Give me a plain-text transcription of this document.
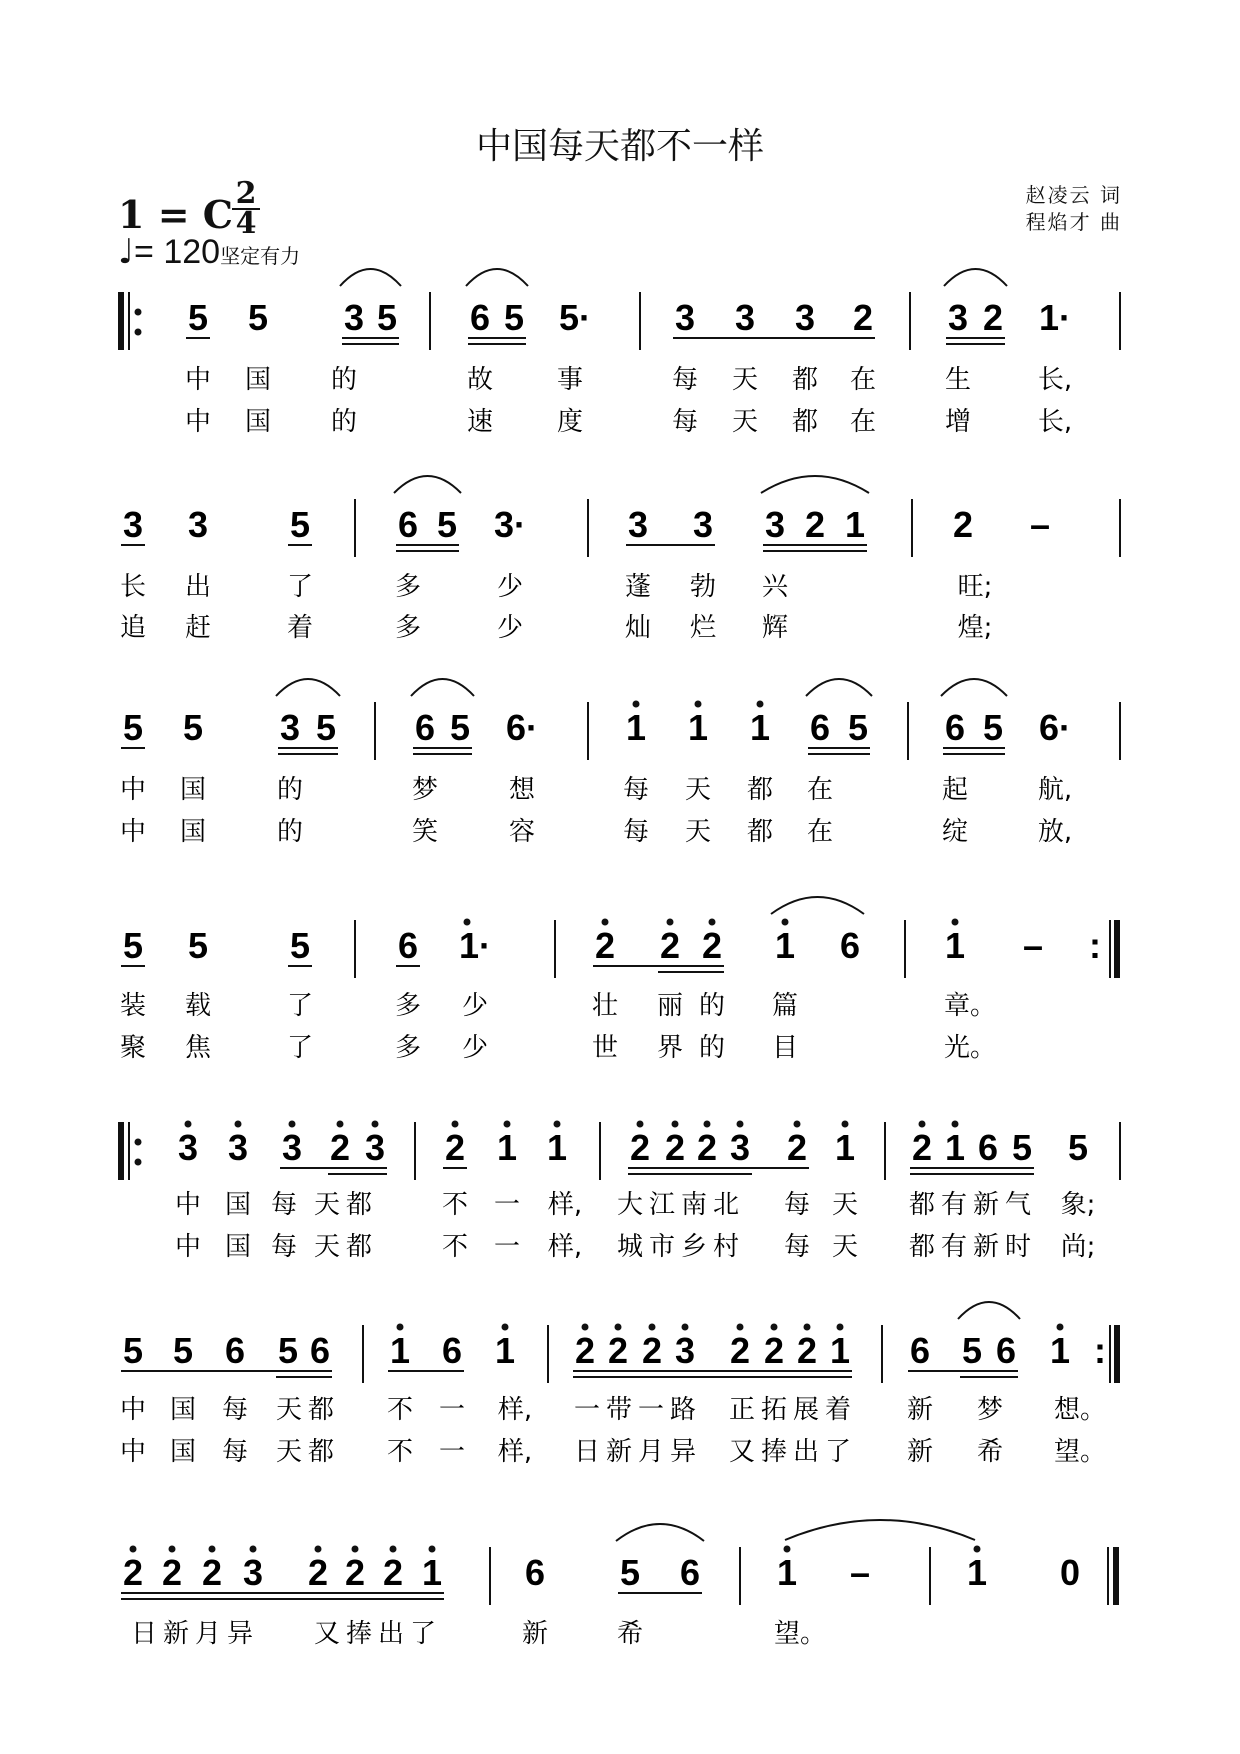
中国每天都不一样
赵凌云 词
程焰才 曲
1 = C 2
4
♩= 120坚定有力
5 5 3 5 6 5 5· 3 3 3 2 3 2 1·
中 国 的	故 事	每 天 都 在	生	长,
中 国 的	速 度	每 天 都 在	增	长,
3 3 5 6 5 3·	3 3 3 2 1 2 –
长 出	了	多	少	蓬 勃 兴	旺;
追 赶	着	多	少	灿 烂 辉	煌;
5 5 3 5 6 5 6· 1 1 1 6 5 6 5 6·
中 国	的	梦	想	每 天 都 在	起	航,
中 国	的	笑	容	每 天 都 在	绽	放,
5 5 5 6 1·	2 2 2 1 6 1 – :
装 载	了	多 少	壮 丽 的 篇	章。
聚 焦	了	多 少	世 界 的 目	光。
3 3 3 2 3 2 1 1 2 2 2 3 2 1 2 1 6 5 5
中 国 每 天 都	不 一 样, 大 江 南 北 每 天 都 有 新 气 象;
中 国 每 天 都	不 一 样, 城 市 乡 村 每 天 都 有 新 时 尚;
5 5 6 5 6 1 6 1 2 2 2 3 2 2 2 1 6 5 6 1 :
中 国 每 天 都 不 一 样, 一 带 一 路 正 拓 展 着 新 梦 想。
中 国 每 天 都 不 一 样, 日 新 月 异 又 捧 出 了 新 希 望。
2 2 2 3 2 2 2 1 6 5 6 1 –	1 0
日 新 月 异 又 捧 出 了	新	希	望。
